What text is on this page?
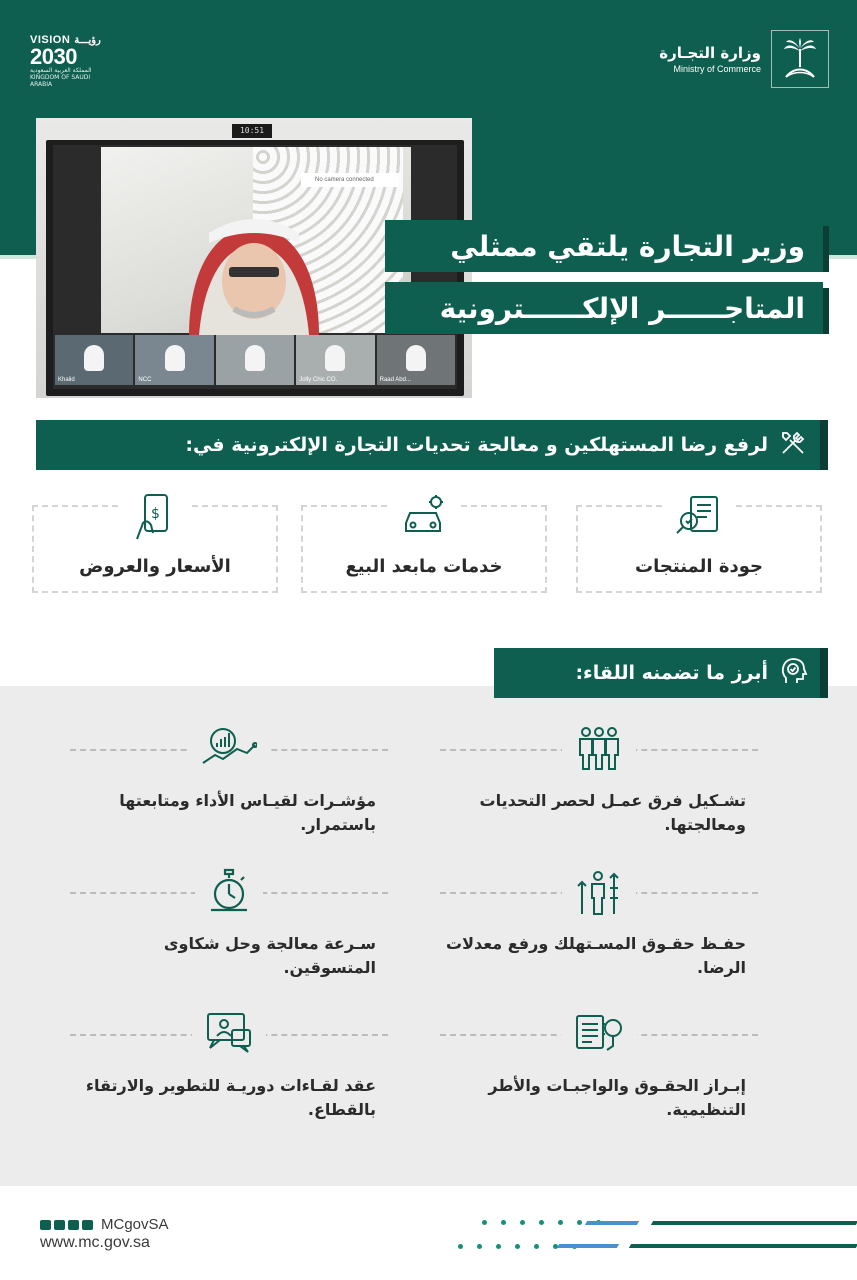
VISION رؤيـــة
2030
المملكة العربية السعودية
KINGDOM OF SAUDI ARABIA
وزارة التجـارة
Ministry of Commerce
10:51
No camera connected
Khalid	NCC	Jolly Chic CO.	Raad Abd...
وزير التجارة يلتقي ممثلي
المتاجــــــر الإلكــــــترونية
لرفع رضا المستهلكين و معالجة تحديات التجارة الإلكترونية في:
جودة المنتجات
خدمات مابعد البيع
$
الأسعار والعروض
أبرز ما تضمنه اللقاء:
تشـكيل فرق عمـل لحصر التحديات ومعالجتها.
مؤشـرات لقيـاس الأداء ومتابعتها باستمرار.
حفـظ حقـوق المسـتهلك ورفع معدلات الرضا.
سـرعة معالجة وحل شكاوى المتسوقين.
إبـراز الحقـوق والواجبـات والأطر التنظيمية.
عقد لقـاءات دوريـة للتطوير والارتقاء بالقطاع.
MCgovSA
www.mc.gov.sa
